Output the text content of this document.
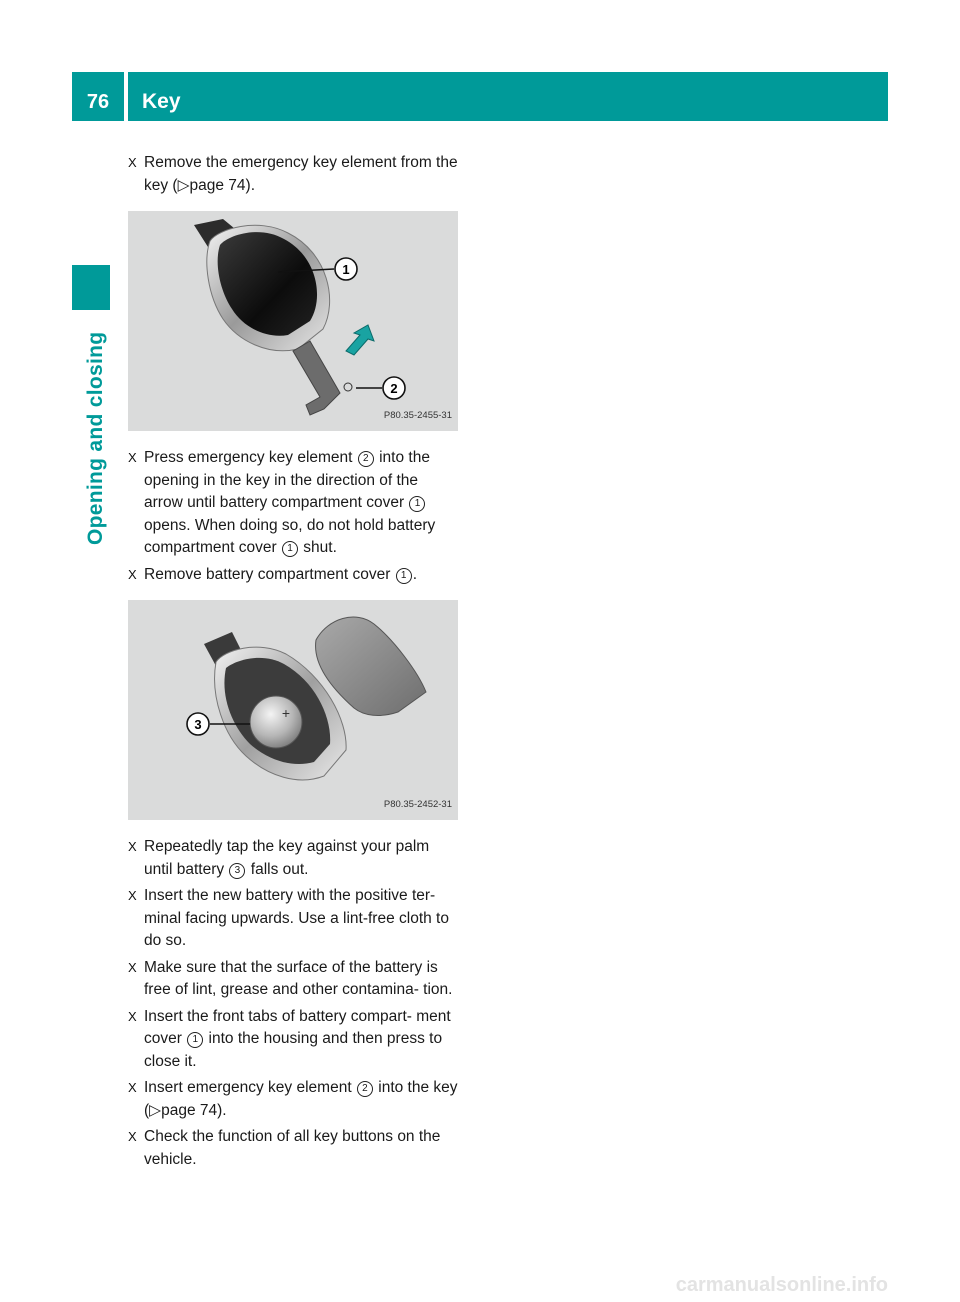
76	Key
Opening and closing
X Remove the emergency key element from the key (▷page 74).
1
2
P80.35-2455-31
X Press emergency key element 2 into the opening in the key in the direction of the arrow until battery compartment cover 1 opens. When doing so, do not hold battery compartment cover 1 shut.
X Remove battery compartment cover 1 .
+
3
P80.35-2452-31
X Repeatedly tap the key against your palm until battery 3 falls out.
X Insert the new battery with the positive ter- minal facing upwards. Use a lint-free cloth to do so.
X Make sure that the surface of the battery is free of lint, grease and other contamina- tion.
X Insert the front tabs of battery compart- ment cover 1 into the housing and then press to close it.
X Insert emergency key element 2 into the key (▷page 74).
X Check the function of all key buttons on the vehicle.
carmanualsonline.info
